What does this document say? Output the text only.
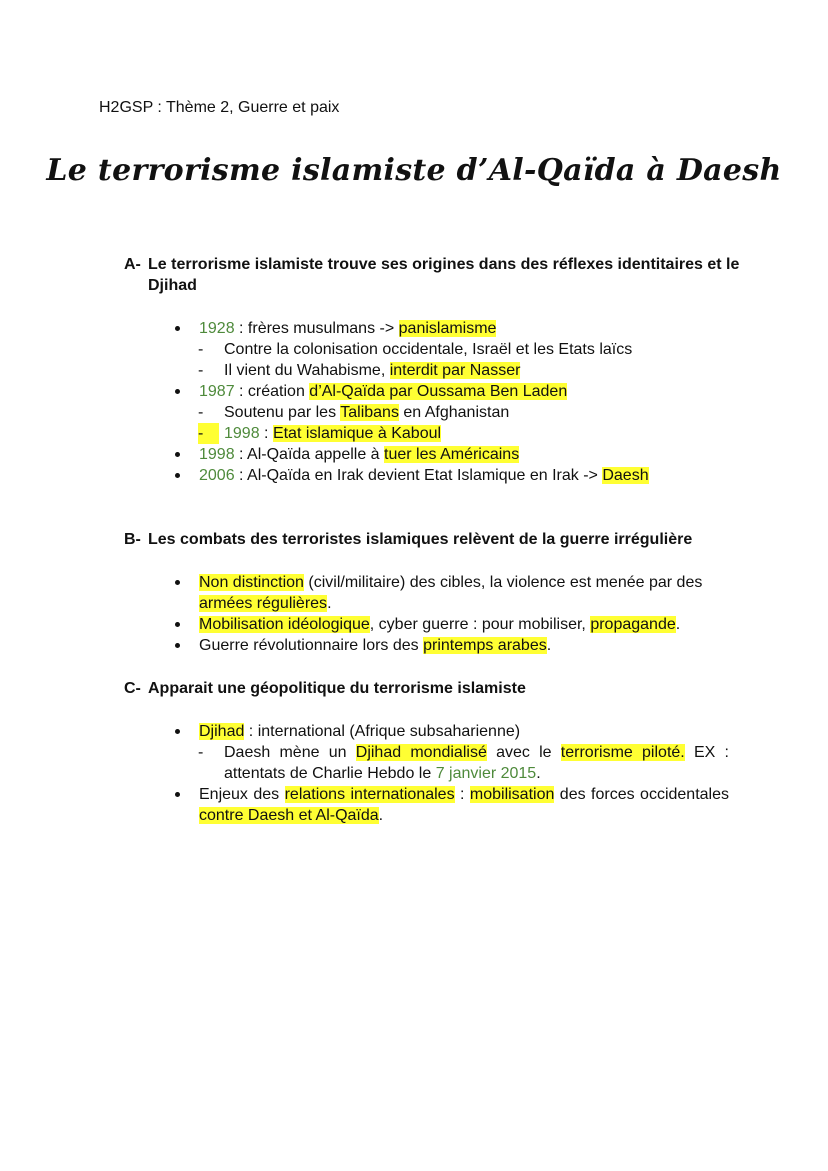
H2GSP : Thème 2, Guerre et paix
Le terrorisme islamiste d’Al-Qaïda à Daesh
A- Le terrorisme islamiste trouve ses origines dans des réflexes identitaires et le Djihad
1928 : frères musulmans -> panislamisme
- Contre la colonisation occidentale, Israël et les Etats laïcs
- Il vient du Wahabisme, interdit par Nasser
1987 : création d’Al-Qaïda par Oussama Ben Laden
- Soutenu par les Talibans en Afghanistan
-	1998 : Etat islamique à Kaboul
1998 : Al-Qaïda appelle à tuer les Américains
2006 : Al-Qaïda en Irak devient Etat Islamique en Irak -> Daesh
B- Les combats des terroristes islamiques relèvent de la guerre irrégulière
Non distinction (civil/militaire) des cibles, la violence est menée par des armées régulières.
Mobilisation idéologique, cyber guerre : pour mobiliser, propagande.
Guerre révolutionnaire lors des printemps arabes.
C- Apparait une géopolitique du terrorisme islamiste
Djihad : international (Afrique subsaharienne)
- Daesh mène un Djihad mondialisé avec le terrorisme piloté. EX : attentats de Charlie Hebdo le 7 janvier 2015.
Enjeux des relations internationales : mobilisation des forces occidentales contre Daesh et Al-Qaïda.
